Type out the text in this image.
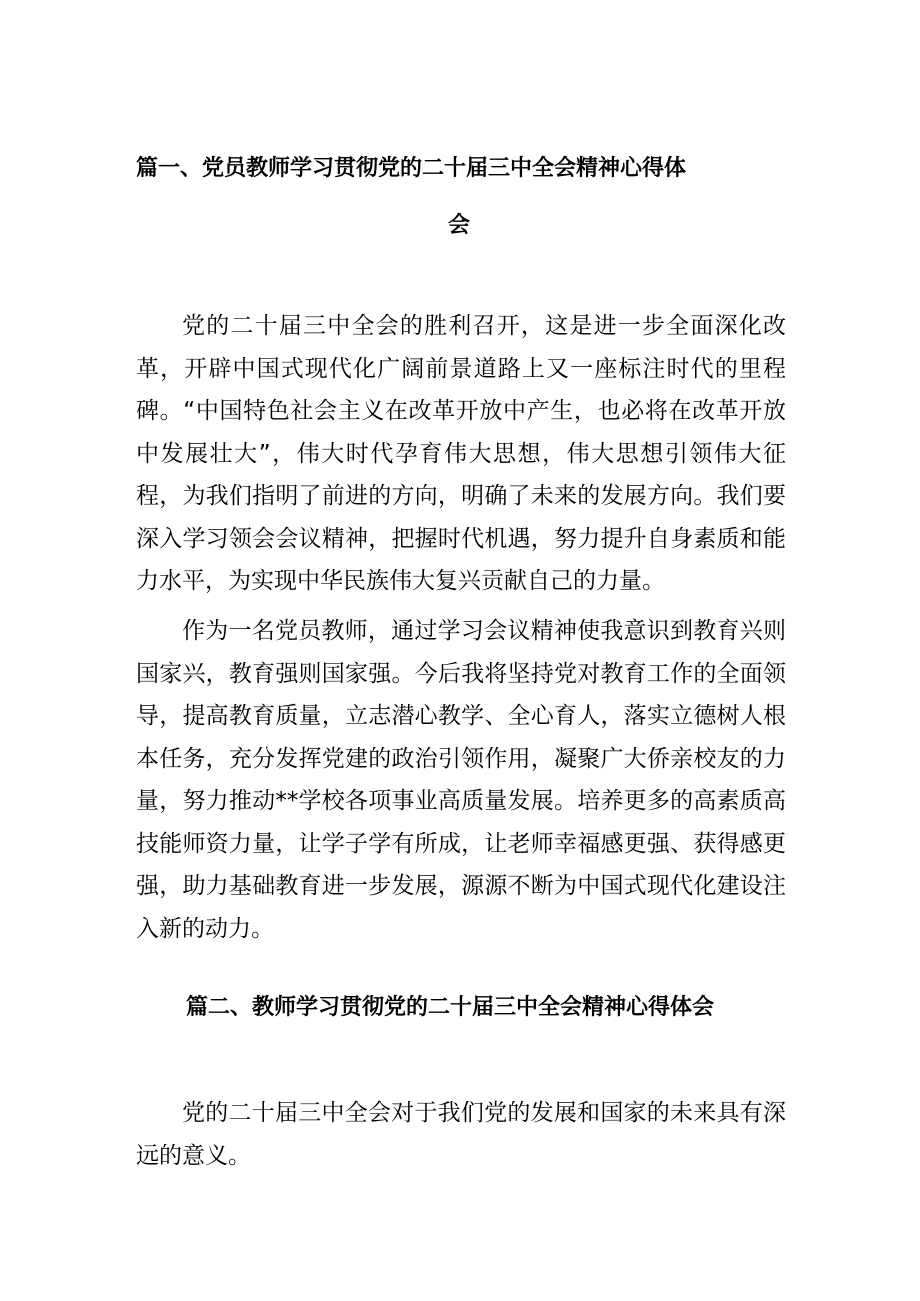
篇一、党员教师学习贯彻党的二十届三中全会精神心得体
会
党的二十届三中全会的胜利召开，这是进一步全面深化改革，开辟中国式现代化广阔前景道路上又一座标注时代的里程碑。“中国特色社会主义在改革开放中产生，也必将在改革开放中发展壮大”，伟大时代孕育伟大思想，伟大思想引领伟大征程，为我们指明了前进的方向，明确了未来的发展方向。我们要深入学习领会会议精神，把握时代机遇，努力提升自身素质和能力水平，为实现中华民族伟大复兴贡献自己的力量。
作为一名党员教师，通过学习会议精神使我意识到教育兴则国家兴，教育强则国家强。今后我将坚持党对教育工作的全面领导，提高教育质量，立志潜心教学、全心育人，落实立德树人根本任务，充分发挥党建的政治引领作用，凝聚广大侨亲校友的力量，努力推动**学校各项事业高质量发展。培养更多的高素质高技能师资力量，让学子学有所成，让老师幸福感更强、获得感更强，助力基础教育进一步发展，源源不断为中国式现代化建设注入新的动力。
篇二、教师学习贯彻党的二十届三中全会精神心得体会
党的二十届三中全会对于我们党的发展和国家的未来具有深远的意义。
